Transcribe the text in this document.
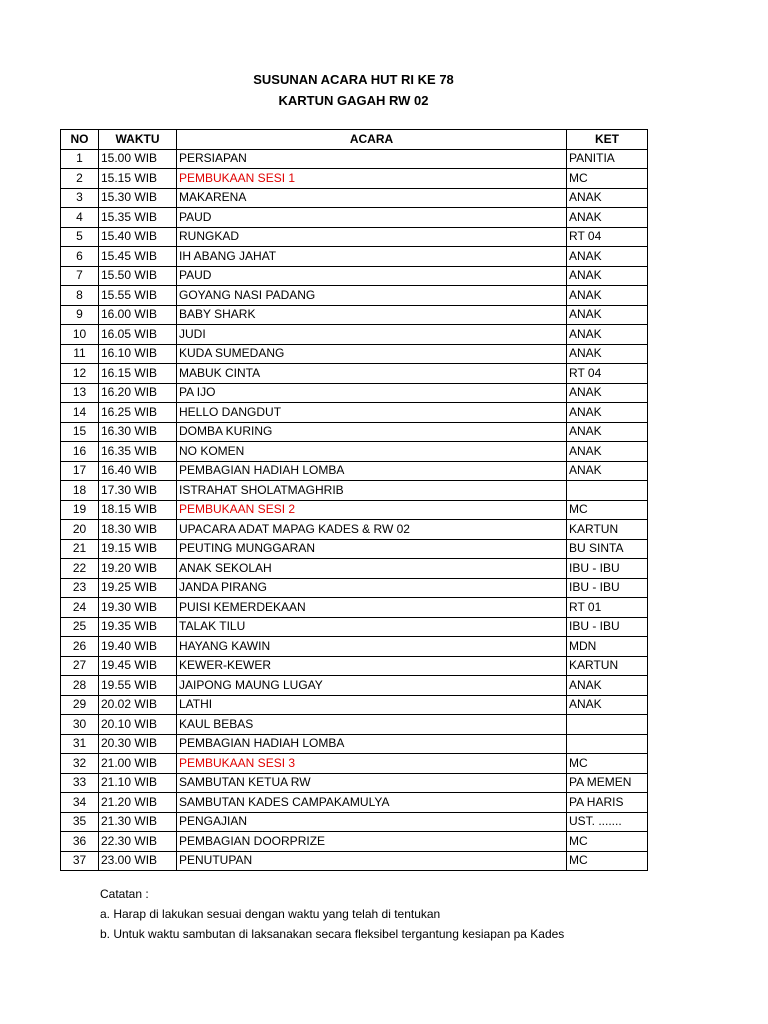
SUSUNAN ACARA HUT RI KE 78
KARTUN GAGAH RW 02
NO	WAKTU	ACARA	KET
1	15.00 WIB	PERSIAPAN	PANITIA
2	15.15 WIB	PEMBUKAAN SESI 1	MC
3	15.30 WIB	MAKARENA	ANAK
4	15.35 WIB	PAUD	ANAK
5	15.40 WIB	RUNGKAD	RT 04
6	15.45 WIB	IH ABANG JAHAT	ANAK
7	15.50 WIB	PAUD	ANAK
8	15.55 WIB	GOYANG NASI PADANG	ANAK
9	16.00 WIB	BABY SHARK	ANAK
10	16.05 WIB	JUDI	ANAK
11	16.10 WIB	KUDA SUMEDANG	ANAK
12	16.15 WIB	MABUK CINTA	RT 04
13	16.20 WIB	PA IJO	ANAK
14	16.25 WIB	HELLO DANGDUT	ANAK
15	16.30 WIB	DOMBA KURING	ANAK
16	16.35 WIB	NO KOMEN	ANAK
17	16.40 WIB	PEMBAGIAN HADIAH LOMBA	ANAK
18	17.30 WIB	ISTRAHAT SHOLATMAGHRIB	
19	18.15 WIB	PEMBUKAAN SESI 2	MC
20	18.30 WIB	UPACARA ADAT MAPAG KADES & RW 02	KARTUN
21	19.15 WIB	PEUTING MUNGGARAN	BU SINTA
22	19.20 WIB	ANAK SEKOLAH	IBU - IBU
23	19.25 WIB	JANDA PIRANG	IBU - IBU
24	19.30 WIB	PUISI KEMERDEKAAN	RT 01
25	19.35 WIB	TALAK TILU	IBU - IBU
26	19.40 WIB	HAYANG KAWIN	MDN
27	19.45 WIB	KEWER-KEWER	KARTUN
28	19.55 WIB	JAIPONG MAUNG LUGAY	ANAK
29	20.02 WIB	LATHI	ANAK
30	20.10 WIB	KAUL BEBAS	
31	20.30 WIB	PEMBAGIAN HADIAH LOMBA	
32	21.00 WIB	PEMBUKAAN SESI 3	MC
33	21.10 WIB	SAMBUTAN KETUA RW	PA MEMEN
34	21.20 WIB	SAMBUTAN KADES CAMPAKAMULYA	PA HARIS
35	21.30 WIB	PENGAJIAN	UST. .......
36	22.30 WIB	PEMBAGIAN DOORPRIZE	MC
37	23.00 WIB	PENUTUPAN	MC
Catatan :
a. Harap di lakukan sesuai dengan waktu yang telah di tentukan
b. Untuk waktu sambutan di laksanakan secara fleksibel tergantung kesiapan pa Kades
